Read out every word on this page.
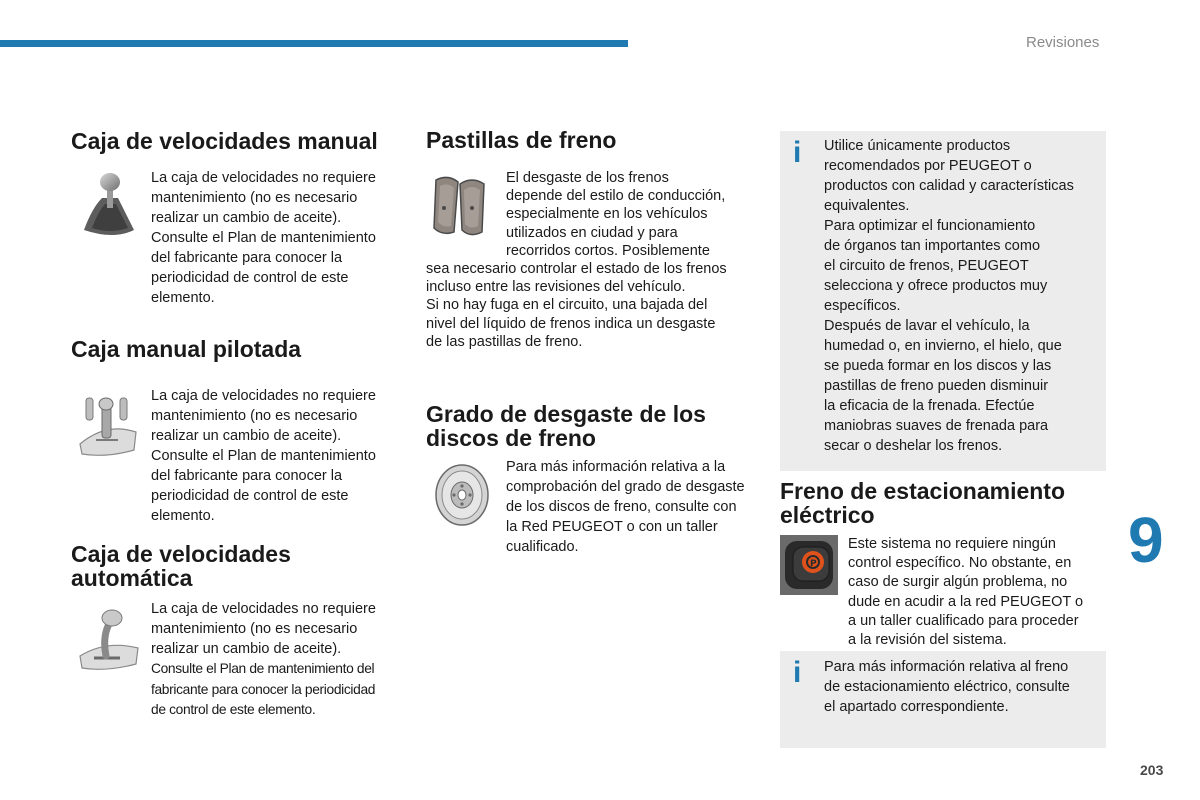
Revisiones
Caja de velocidades manual
La caja de velocidades no requiere
mantenimiento (no es necesario
realizar un cambio de aceite).
Consulte el Plan de mantenimiento
del fabricante para conocer la
periodicidad de control de este
elemento.
Caja manual pilotada
La caja de velocidades no requiere
mantenimiento (no es necesario
realizar un cambio de aceite).
Consulte el Plan de mantenimiento
del fabricante para conocer la
periodicidad de control de este
elemento.
Caja de velocidades
automática
La caja de velocidades no requiere
mantenimiento (no es necesario
realizar un cambio de aceite).
Consulte el Plan de mantenimiento del
fabricante para conocer la periodicidad
de control de este elemento.
Pastillas de freno
El desgaste de los frenos
depende del estilo de conducción,
especialmente en los vehículos
utilizados en ciudad y para
recorridos cortos. Posiblemente
sea necesario controlar el estado de los frenos
incluso entre las revisiones del vehículo.
Si no hay fuga en el circuito, una bajada del
nivel del líquido de frenos indica un desgaste
de las pastillas de freno.
Grado de desgaste de los
discos de freno
Para más información relativa a la
comprobación del grado de desgaste
de los discos de freno, consulte con
la Red PEUGEOT o con un taller
cualificado.
i Utilice únicamente productos
recomendados por PEUGEOT o
productos con calidad y características
equivalentes.
Para optimizar el funcionamiento
de órganos tan importantes como
el circuito de frenos, PEUGEOT
selecciona y ofrece productos muy
específicos.
Después de lavar el vehículo, la
humedad o, en invierno, el hielo, que
se pueda formar en los discos y las
pastillas de freno pueden disminuir
la eficacia de la frenada. Efectúe
maniobras suaves de frenada para
secar o deshelar los frenos.
Freno de estacionamiento
eléctrico
P
Este sistema no requiere ningún
control específico. No obstante, en
caso de surgir algún problema, no
dude en acudir a la red PEUGEOT o
a un taller cualificado para proceder
a la revisión del sistema.
i Para más información relativa al freno
de estacionamiento eléctrico, consulte
el apartado correspondiente.
9
203
